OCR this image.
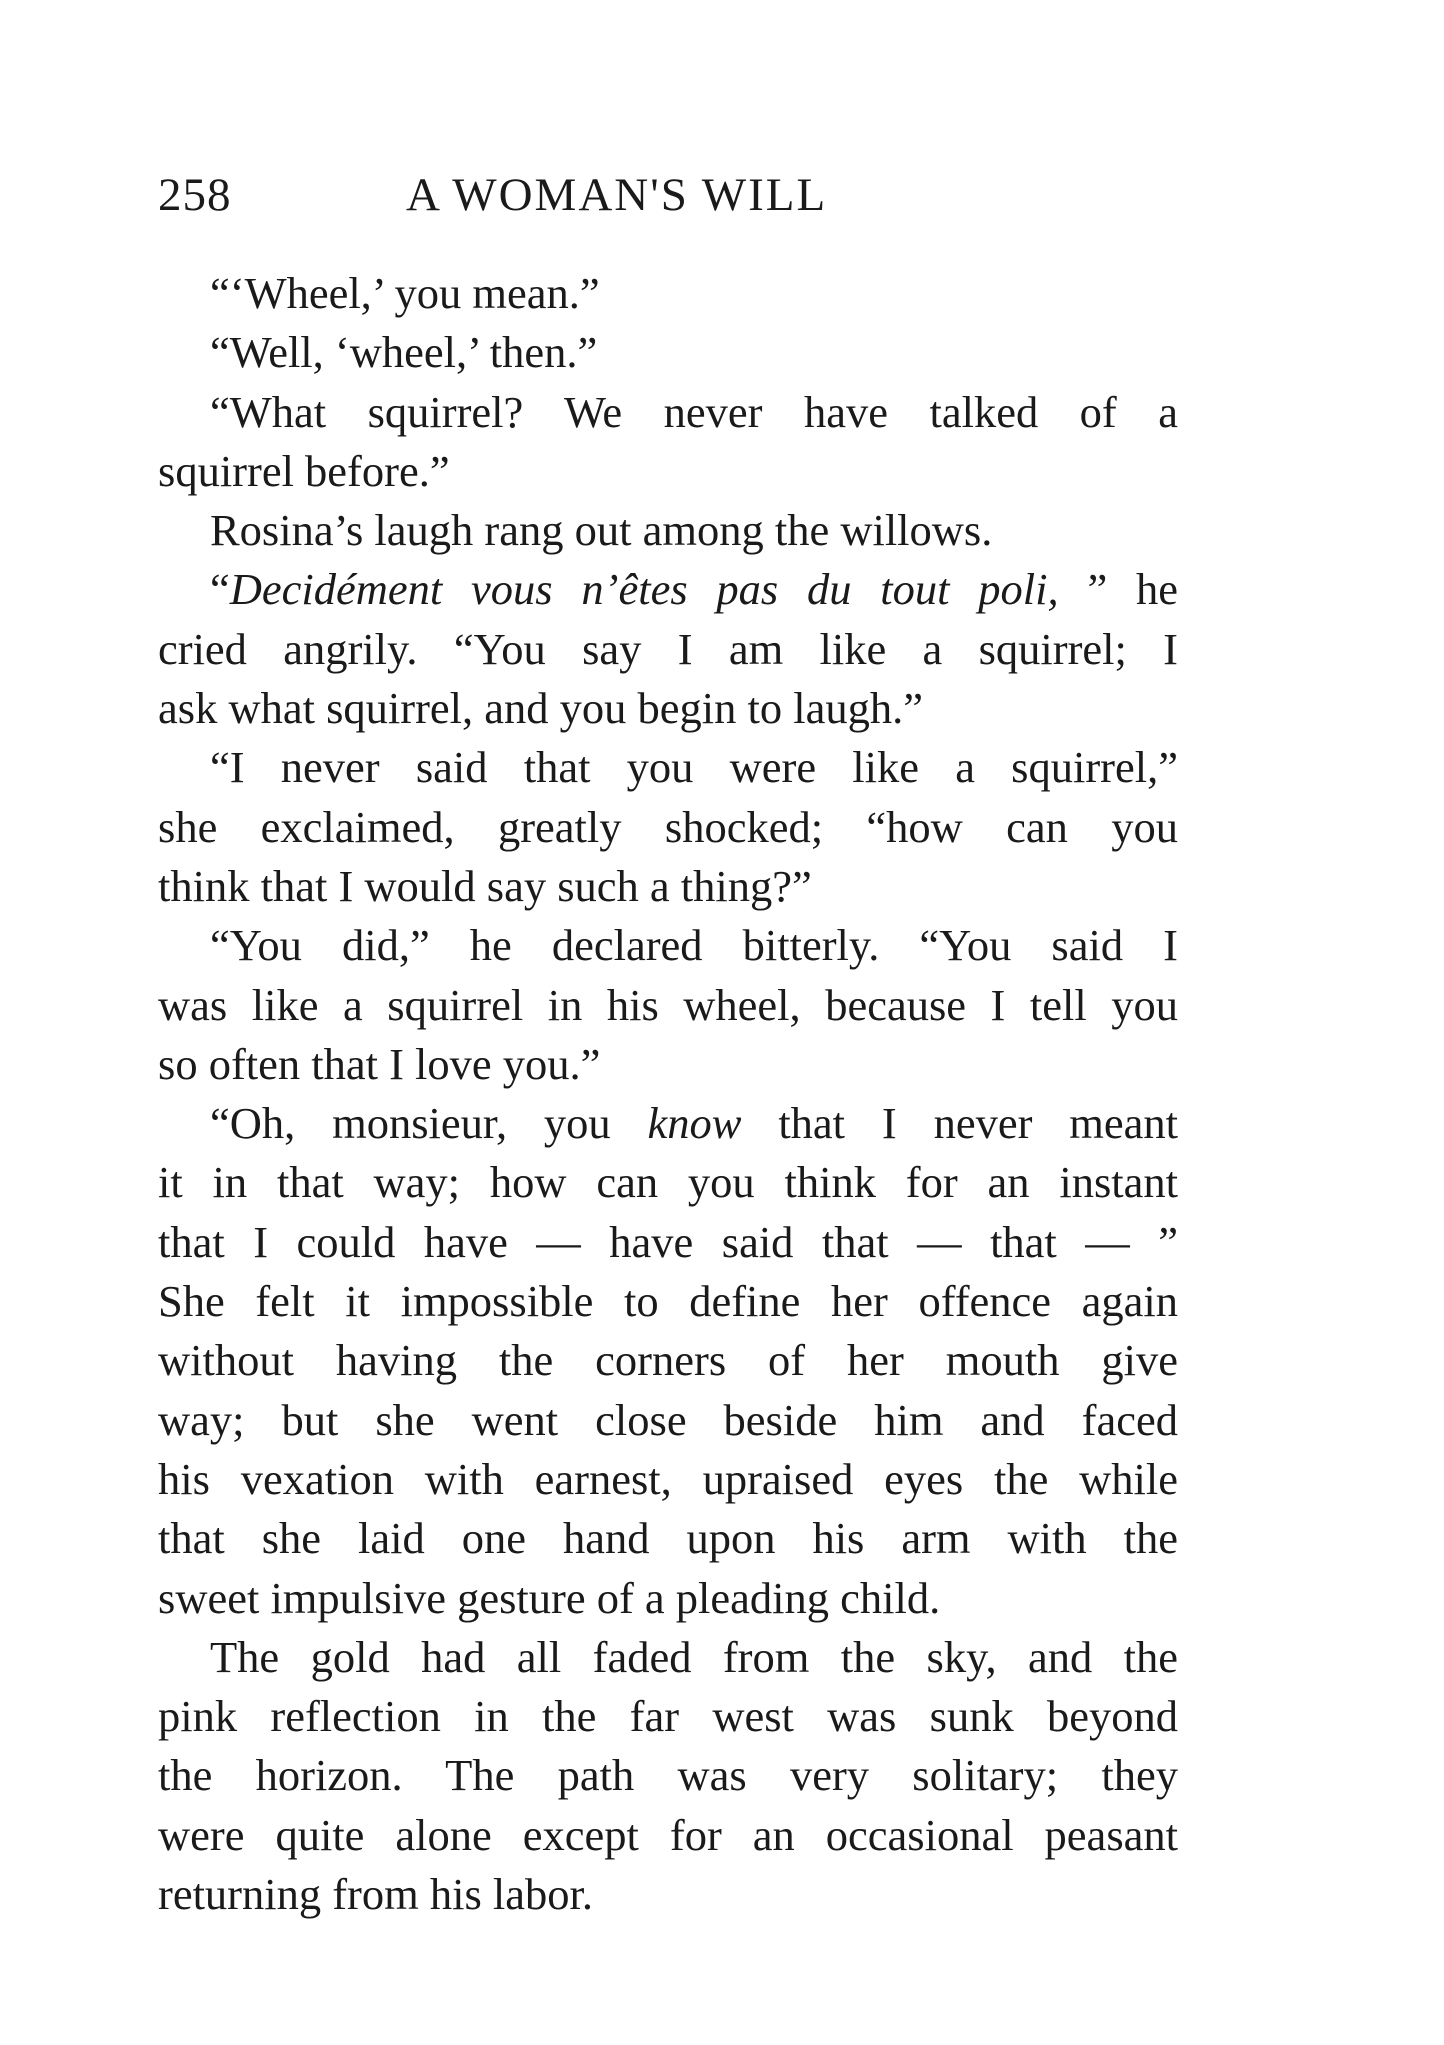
258	A WOMAN'S WILL
“‘Wheel,’ you mean.”
“Well, ‘wheel,’ then.”
“What squirrel? We never have talked of a
squirrel before.”
Rosina’s laugh rang out among the willows.
“Decidément vous n’êtes pas du tout poli, ” he
cried angrily. “You say I am like a squirrel; I
ask what squirrel, and you begin to laugh.”
“I never said that you were like a squirrel,”
she exclaimed, greatly shocked; “how can you
think that I would say such a thing?”
“You did,” he declared bitterly. “You said I
was like a squirrel in his wheel, because I tell you
so often that I love you.”
“Oh, monsieur, you know that I never meant
it in that way; how can you think for an instant
that I could have — have said that — that — ”
She felt it impossible to define her offence again
without having the corners of her mouth give
way; but she went close beside him and faced
his vexation with earnest, upraised eyes the while
that she laid one hand upon his arm with the
sweet impulsive gesture of a pleading child.
The gold had all faded from the sky, and the
pink reflection in the far west was sunk beyond
the horizon. The path was very solitary; they
were quite alone except for an occasional peasant
returning from his labor.
